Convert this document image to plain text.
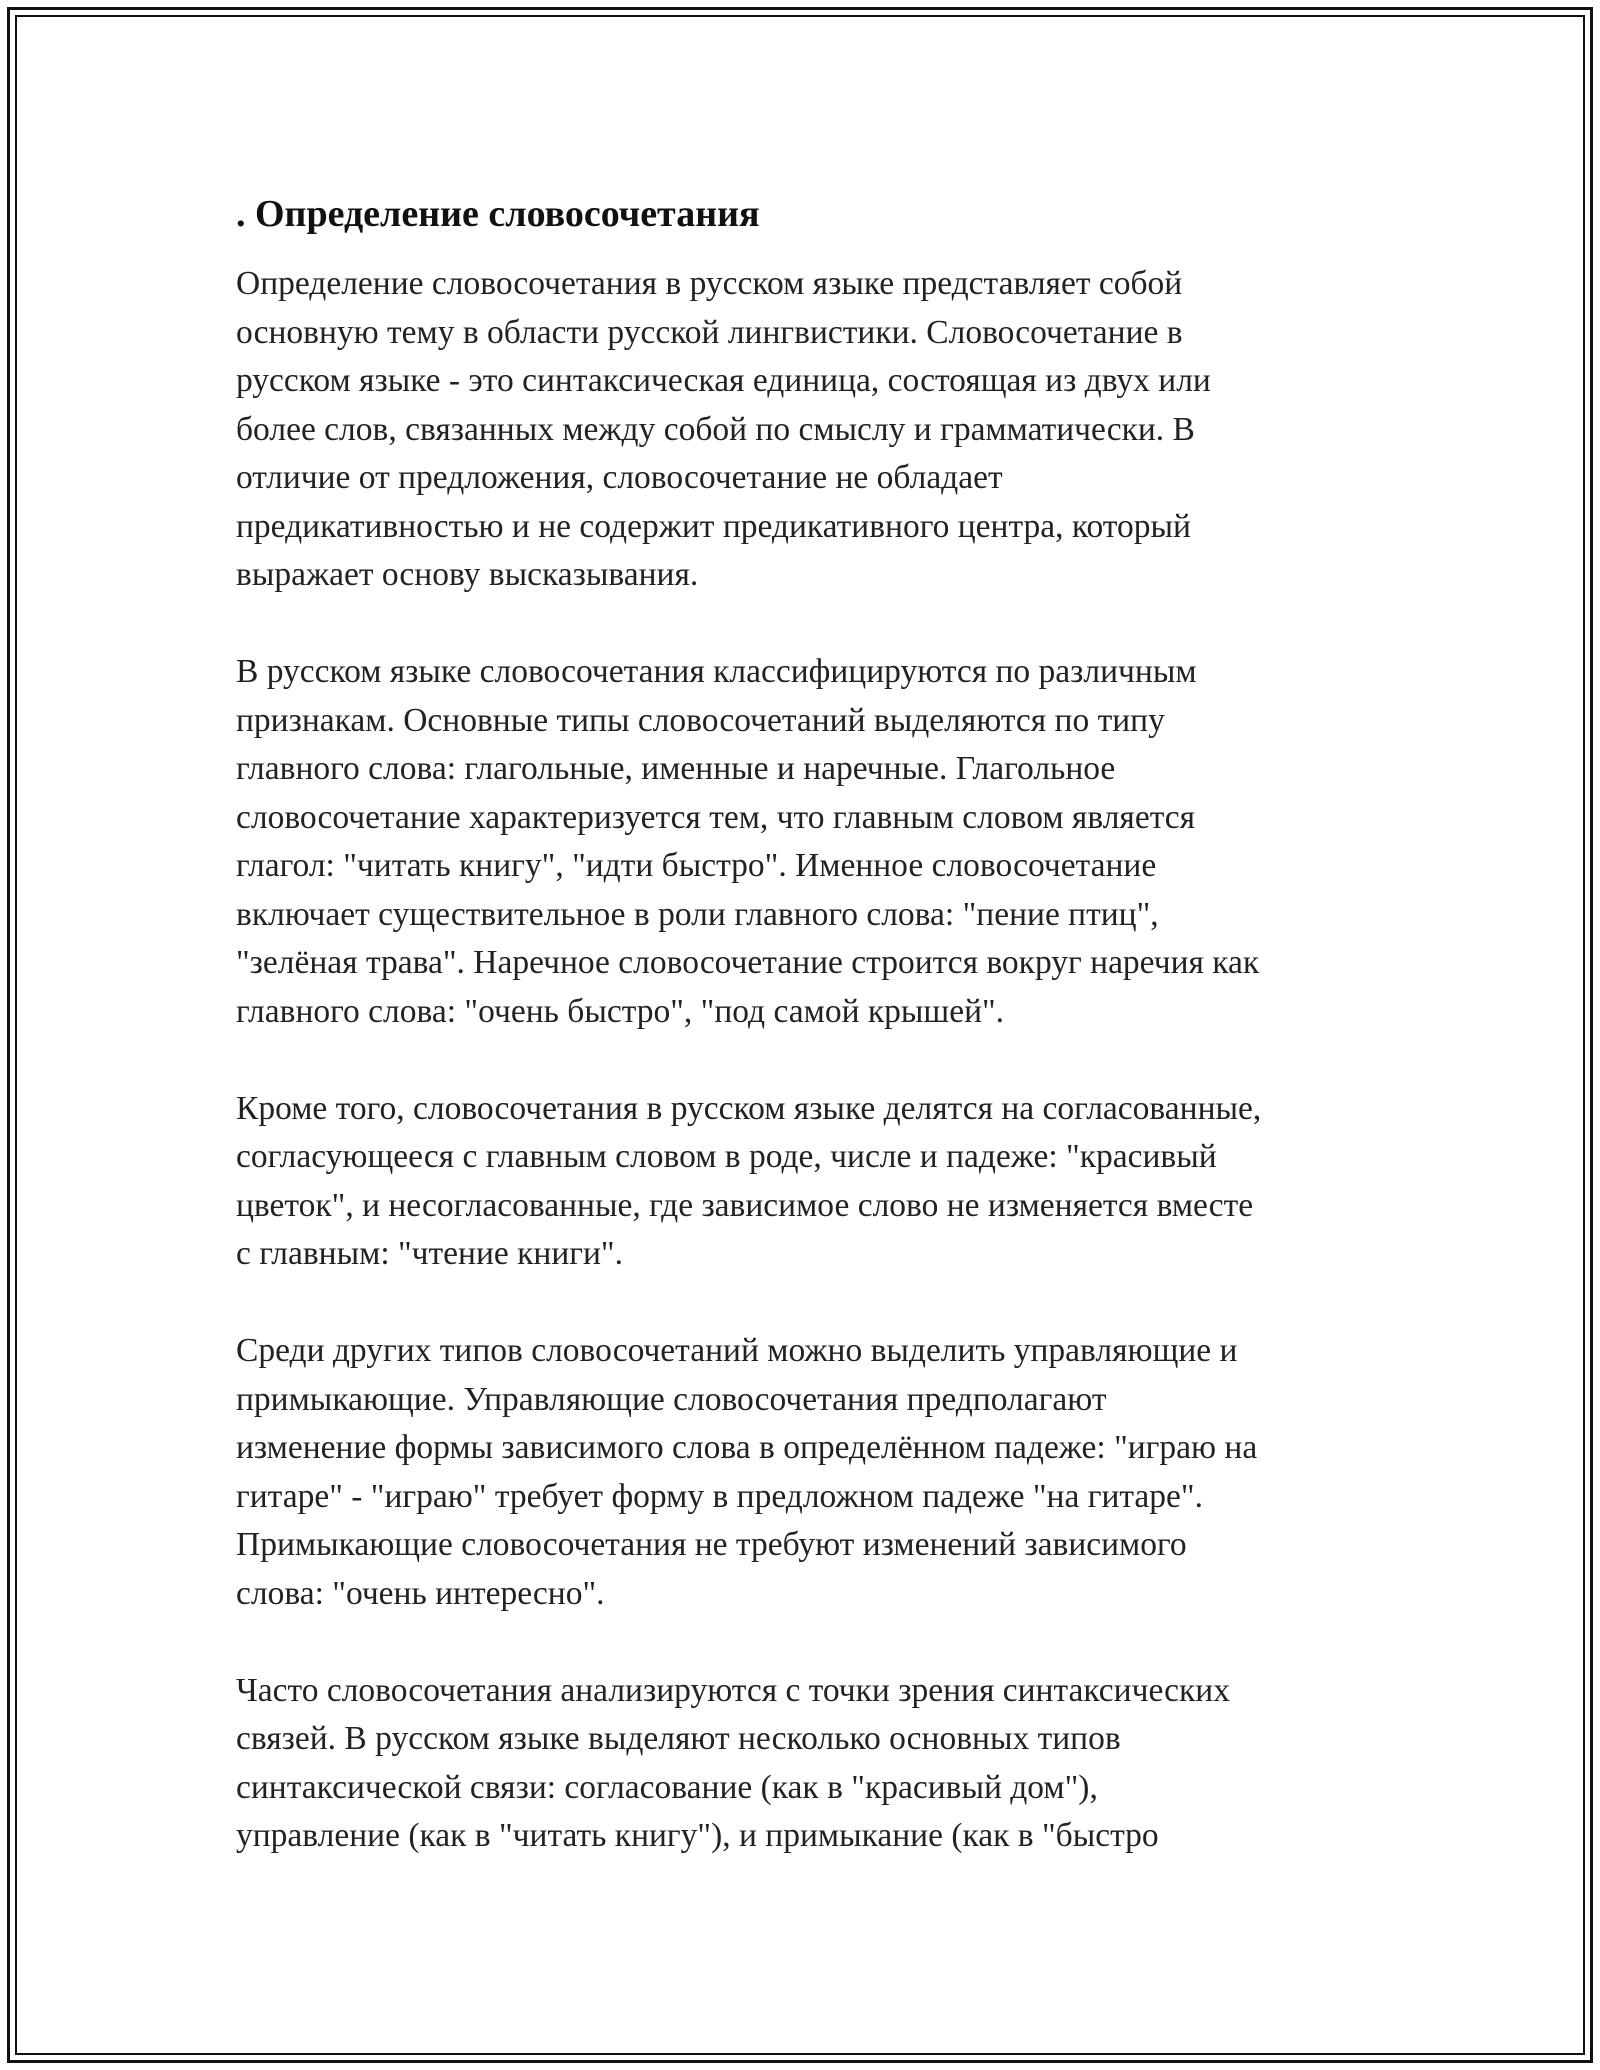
. Определение словосочетания

Определение словосочетания в русском языке представляет собой
основную тему в области русской лингвистики. Словосочетание в
русском языке - это синтаксическая единица, состоящая из двух или
более слов, связанных между собой по смыслу и грамматически. В
отличие от предложения, словосочетание не обладает
предикативностью и не содержит предикативного центра, который
выражает основу высказывания.

В русском языке словосочетания классифицируются по различным
признакам. Основные типы словосочетаний выделяются по типу
главного слова: глагольные, именные и наречные. Глагольное
словосочетание характеризуется тем, что главным словом является
глагол: "читать книгу", "идти быстро". Именное словосочетание
включает существительное в роли главного слова: "пение птиц",
"зелёная трава". Наречное словосочетание строится вокруг наречия как
главного слова: "очень быстро", "под самой крышей".

Кроме того, словосочетания в русском языке делятся на согласованные,
согласующееся с главным словом в роде, числе и падеже: "красивый
цветок", и несогласованные, где зависимое слово не изменяется вместе
с главным: "чтение книги".

Среди других типов словосочетаний можно выделить управляющие и
примыкающие. Управляющие словосочетания предполагают
изменение формы зависимого слова в определённом падеже: "играю на
гитаре" - "играю" требует форму в предложном падеже "на гитаре".
Примыкающие словосочетания не требуют изменений зависимого
слова: "очень интересно".

Часто словосочетания анализируются с точки зрения синтаксических
связей. В русском языке выделяют несколько основных типов
синтаксической связи: согласование (как в "красивый дом"),
управление (как в "читать книгу"), и примыкание (как в "быстро
